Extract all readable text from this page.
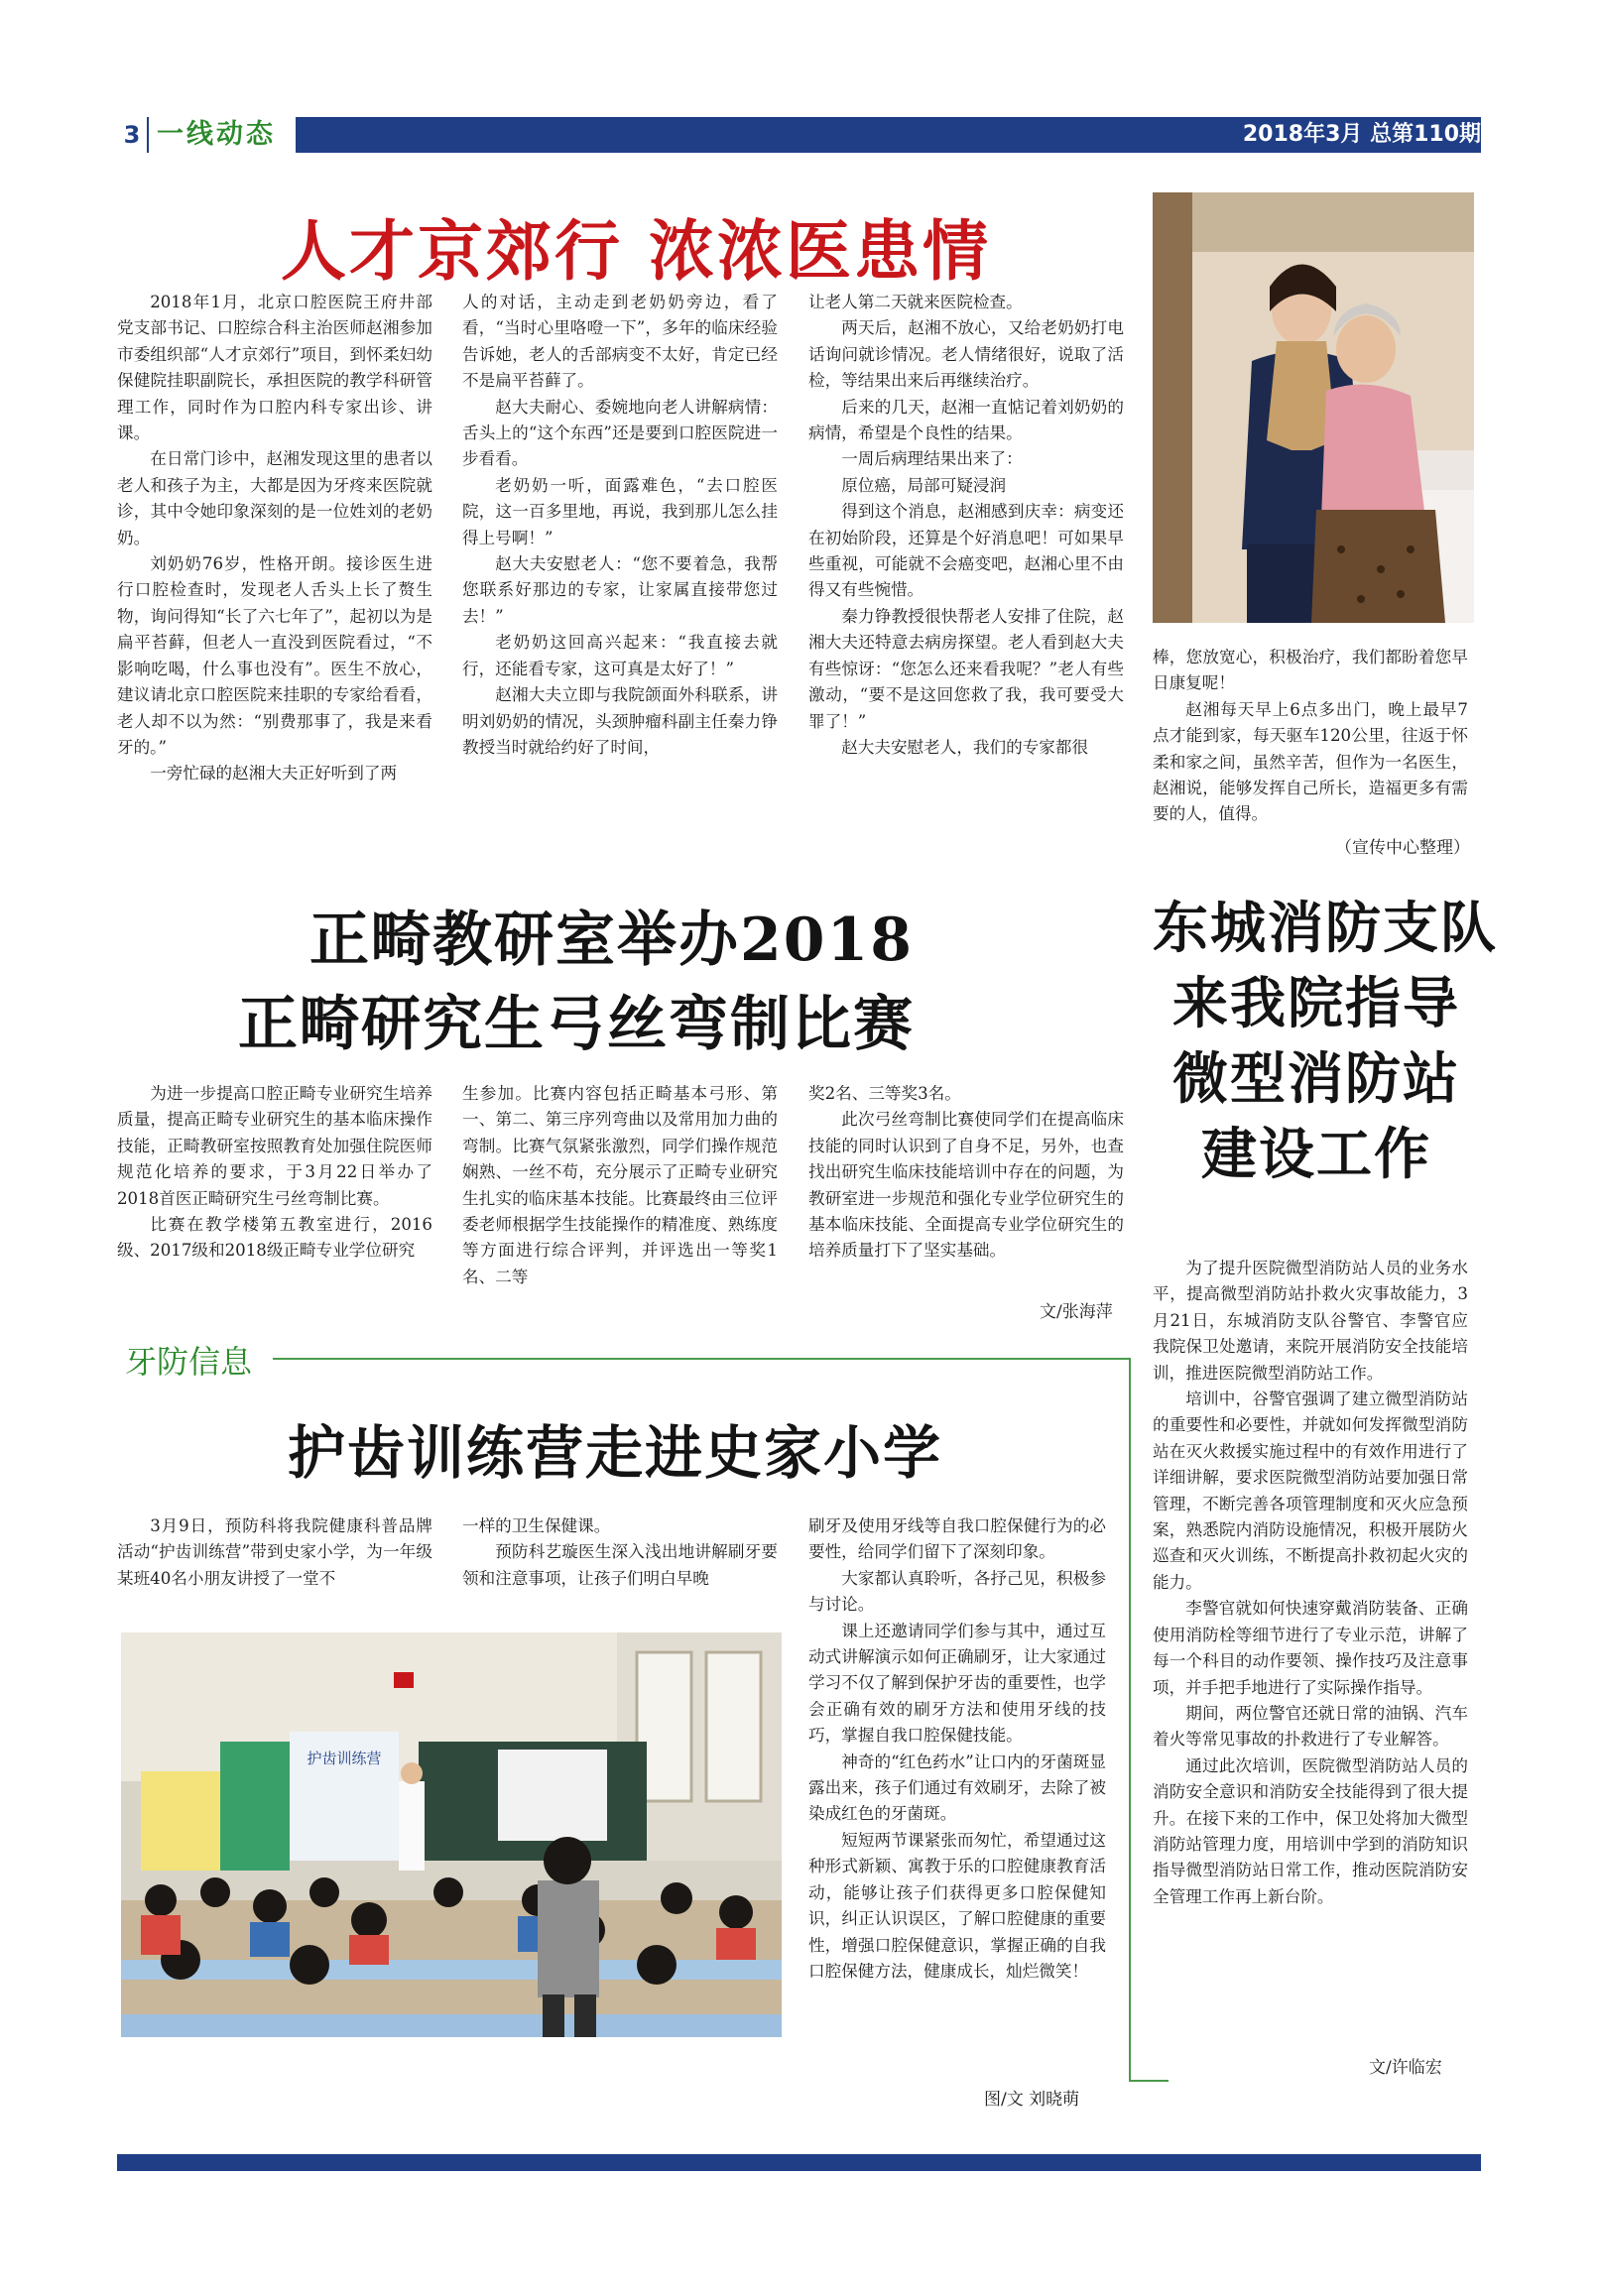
3 一线动态	2018年3月 总第110期
人才京郊行 浓浓医患情

2018年1月，北京口腔医院王府井部党支部书记、口腔综合科主治医师赵湘参加市委组织部“人才京郊行”项目，到怀柔妇幼保健院挂职副院长，承担医院的教学科研管理工作，同时作为口腔内科专家出诊、讲课。

在日常门诊中，赵湘发现这里的患者以老人和孩子为主，大都是因为牙疼来医院就诊，其中令她印象深刻的是一位姓刘的老奶奶。

刘奶奶76岁，性格开朗。接诊医生进行口腔检查时，发现老人舌头上长了赘生物，询问得知“长了六七年了”，起初以为是扁平苔藓，但老人一直没到医院看过，“不影响吃喝，什么事也没有”。医生不放心，建议请北京口腔医院来挂职的专家给看看，老人却不以为然：“别费那事了，我是来看牙的。”

一旁忙碌的赵湘大夫正好听到了两

人的对话，主动走到老奶奶旁边，看了看，“当时心里咯噔一下”，多年的临床经验告诉她，老人的舌部病变不太好，肯定已经不是扁平苔藓了。

赵大夫耐心、委婉地向老人讲解病情：舌头上的“这个东西”还是要到口腔医院进一步看看。

老奶奶一听，面露难色，“去口腔医院，这一百多里地，再说，我到那儿怎么挂得上号啊！”

赵大夫安慰老人：“您不要着急，我帮您联系好那边的专家，让家属直接带您过去！”

老奶奶这回高兴起来：“我直接去就行，还能看专家，这可真是太好了！”

赵湘大夫立即与我院颌面外科联系，讲明刘奶奶的情况，头颈肿瘤科副主任秦力铮教授当时就给约好了时间，

让老人第二天就来医院检查。

两天后，赵湘不放心，又给老奶奶打电话询问就诊情况。老人情绪很好，说取了活检，等结果出来后再继续治疗。

后来的几天，赵湘一直惦记着刘奶奶的病情，希望是个良性的结果。

一周后病理结果出来了：

原位癌，局部可疑浸润

得到这个消息，赵湘感到庆幸：病变还在初始阶段，还算是个好消息吧！可如果早些重视，可能就不会癌变吧，赵湘心里不由得又有些惋惜。

秦力铮教授很快帮老人安排了住院，赵湘大夫还特意去病房探望。老人看到赵大夫有些惊讶：“您怎么还来看我呢？”老人有些激动，“要不是这回您救了我，我可要受大罪了！”

赵大夫安慰老人，我们的专家都很

棒，您放宽心，积极治疗，我们都盼着您早日康复呢！

赵湘每天早上6点多出门，晚上最早7点才能到家，每天驱车120公里，往返于怀柔和家之间，虽然辛苦，但作为一名医生，赵湘说，能够发挥自己所长，造福更多有需要的人，值得。

（宣传中心整理）
正畸教研室举办2018
正畸研究生弓丝弯制比赛

为进一步提高口腔正畸专业研究生培养质量，提高正畸专业研究生的基本临床操作技能，正畸教研室按照教育处加强住院医师规范化培养的要求，于3月22日举办了2018首医正畸研究生弓丝弯制比赛。

比赛在教学楼第五教室进行，2016级、2017级和2018级正畸专业学位研究

生参加。比赛内容包括正畸基本弓形、第一、第二、第三序列弯曲以及常用加力曲的弯制。比赛气氛紧张激烈，同学们操作规范娴熟、一丝不苟，充分展示了正畸专业研究生扎实的临床基本技能。比赛最终由三位评委老师根据学生技能操作的精准度、熟练度等方面进行综合评判，并评选出一等奖1名、二等

奖2名、三等奖3名。

此次弓丝弯制比赛使同学们在提高临床技能的同时认识到了自身不足，另外，也查找出研究生临床技能培训中存在的问题，为教研室进一步规范和强化专业学位研究生的基本临床技能、全面提高专业学位研究生的培养质量打下了坚实基础。

文/张海萍
东城消防支队
来我院指导
微型消防站
建设工作

为了提升医院微型消防站人员的业务水平，提高微型消防站扑救火灾事故能力，3月21日，东城消防支队谷警官、李警官应我院保卫处邀请，来院开展消防安全技能培训，推进医院微型消防站工作。

培训中，谷警官强调了建立微型消防站的重要性和必要性，并就如何发挥微型消防站在灭火救援实施过程中的有效作用进行了详细讲解，要求医院微型消防站要加强日常管理，不断完善各项管理制度和灭火应急预案，熟悉院内消防设施情况，积极开展防火巡查和灭火训练，不断提高扑救初起火灾的能力。

李警官就如何快速穿戴消防装备、正确使用消防栓等细节进行了专业示范，讲解了每一个科目的动作要领、操作技巧及注意事项，并手把手地进行了实际操作指导。

期间，两位警官还就日常的油锅、汽车着火等常见事故的扑救进行了专业解答。

通过此次培训，医院微型消防站人员的消防安全意识和消防安全技能得到了很大提升。在接下来的工作中，保卫处将加大微型消防站管理力度，用培训中学到的消防知识指导微型消防站日常工作，推动医院消防安全管理工作再上新台阶。

文/许临宏
牙防信息
护齿训练营走进史家小学

3月9日，预防科将我院健康科普品牌活动“护齿训练营”带到史家小学，为一年级某班40名小朋友讲授了一堂不

一样的卫生保健课。

预防科艺璇医生深入浅出地讲解刷牙要领和注意事项，让孩子们明白早晚

刷牙及使用牙线等自我口腔保健行为的必要性，给同学们留下了深刻印象。

大家都认真聆听，各抒己见，积极参与讨论。

课上还邀请同学们参与其中，通过互动式讲解演示如何正确刷牙，让大家通过学习不仅了解到保护牙齿的重要性，也学会正确有效的刷牙方法和使用牙线的技巧，掌握自我口腔保健技能。

神奇的“红色药水”让口内的牙菌斑显露出来，孩子们通过有效刷牙，去除了被染成红色的牙菌斑。

短短两节课紧张而匆忙，希望通过这种形式新颖、寓教于乐的口腔健康教育活动，能够让孩子们获得更多口腔保健知识，纠正认识误区，了解口腔健康的重要性，增强口腔保健意识，掌握正确的自我口腔保健方法，健康成长，灿烂微笑！

护齿训练营
图/文 刘晓萌
